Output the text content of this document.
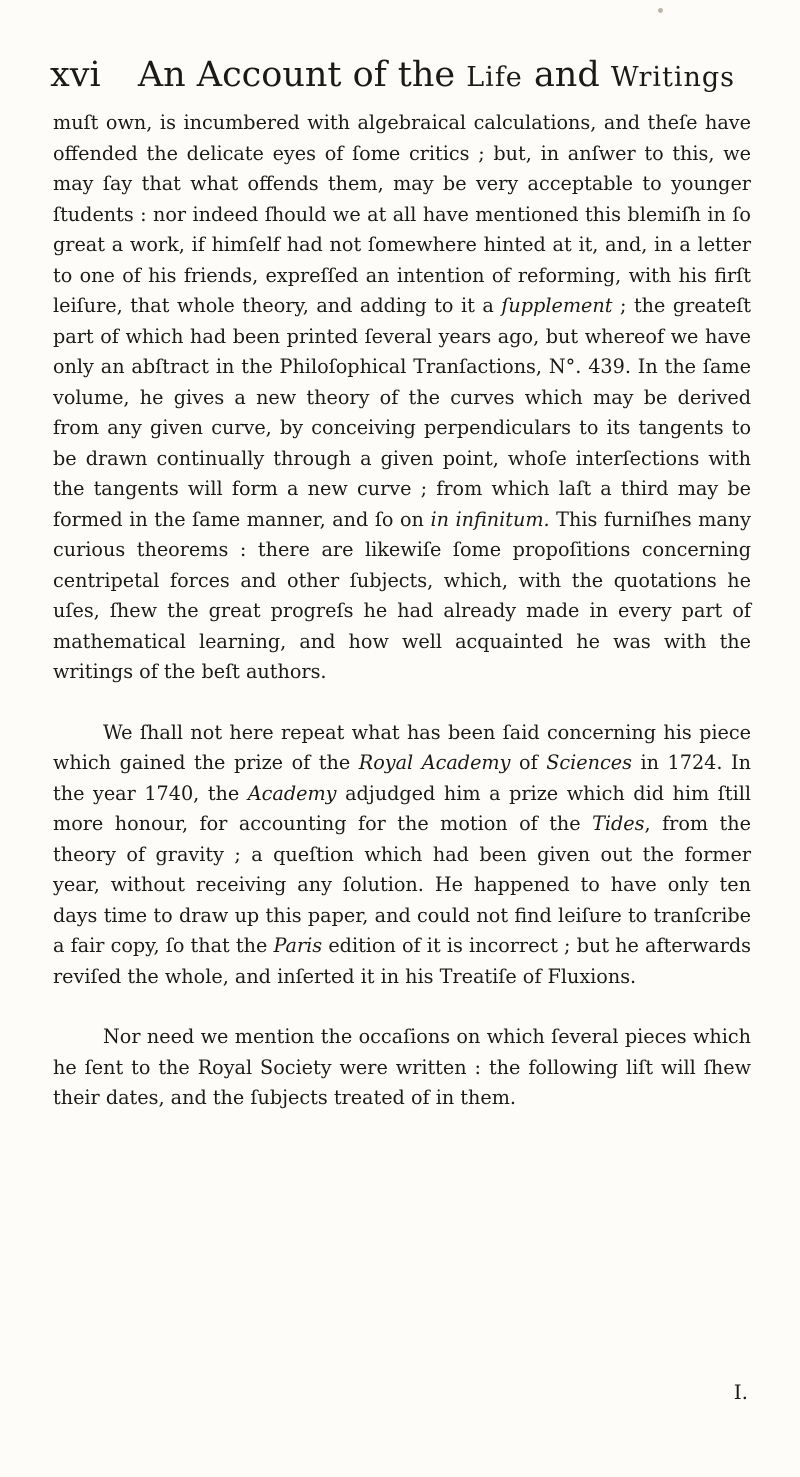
xvi An Account of the Life and Writings

muſt own, is incumbered with algebraical calculations, and theſe have offended the delicate eyes of ſome critics ; but, in anſwer to this, we may ſay that what offends them, may be very acceptable to younger ſtudents : nor indeed ſhould we at all have mentioned this blemiſh in ſo great a work, if himſelf had not ſomewhere hinted at it, and, in a letter to one of his friends, expreſſed an intention of reforming, with his firſt leiſure, that whole theory, and adding to it a ſupplement ; the greateſt part of which had been printed ſeveral years ago, but whereof we have only an abſtract in the Philoſophical Tranſactions, N°. 439. In the ſame volume, he gives a new theory of the curves which may be derived from any given curve, by conceiving perpendiculars to its tangents to be drawn continually through a given point, whoſe interſections with the tangents will form a new curve ; from which laſt a third may be formed in the ſame manner, and ſo on in infinitum. This furniſhes many curious theorems : there are likewiſe ſome propoſitions concerning centripetal forces and other ſubjects, which, with the quotations he uſes, ſhew the great progreſs he had already made in every part of mathematical learning, and how well acquainted he was with the writings of the beſt authors.

We ſhall not here repeat what has been ſaid concerning his piece which gained the prize of the Royal Academy of Sciences in 1724. In the year 1740, the Academy adjudged him a prize which did him ſtill more honour, for accounting for the motion of the Tides, from the theory of gravity ; a queſtion which had been given out the former year, without receiving any ſolution. He happened to have only ten days time to draw up this paper, and could not find leiſure to tranſcribe a fair copy, ſo that the Paris edition of it is incorrect ; but he afterwards reviſed the whole, and inſerted it in his Treatiſe of Fluxions.

Nor need we mention the occaſions on which ſeveral pieces which he ſent to the Royal Society were written : the following liſt will ſhew their dates, and the ſubjects treated of in them.

I.
